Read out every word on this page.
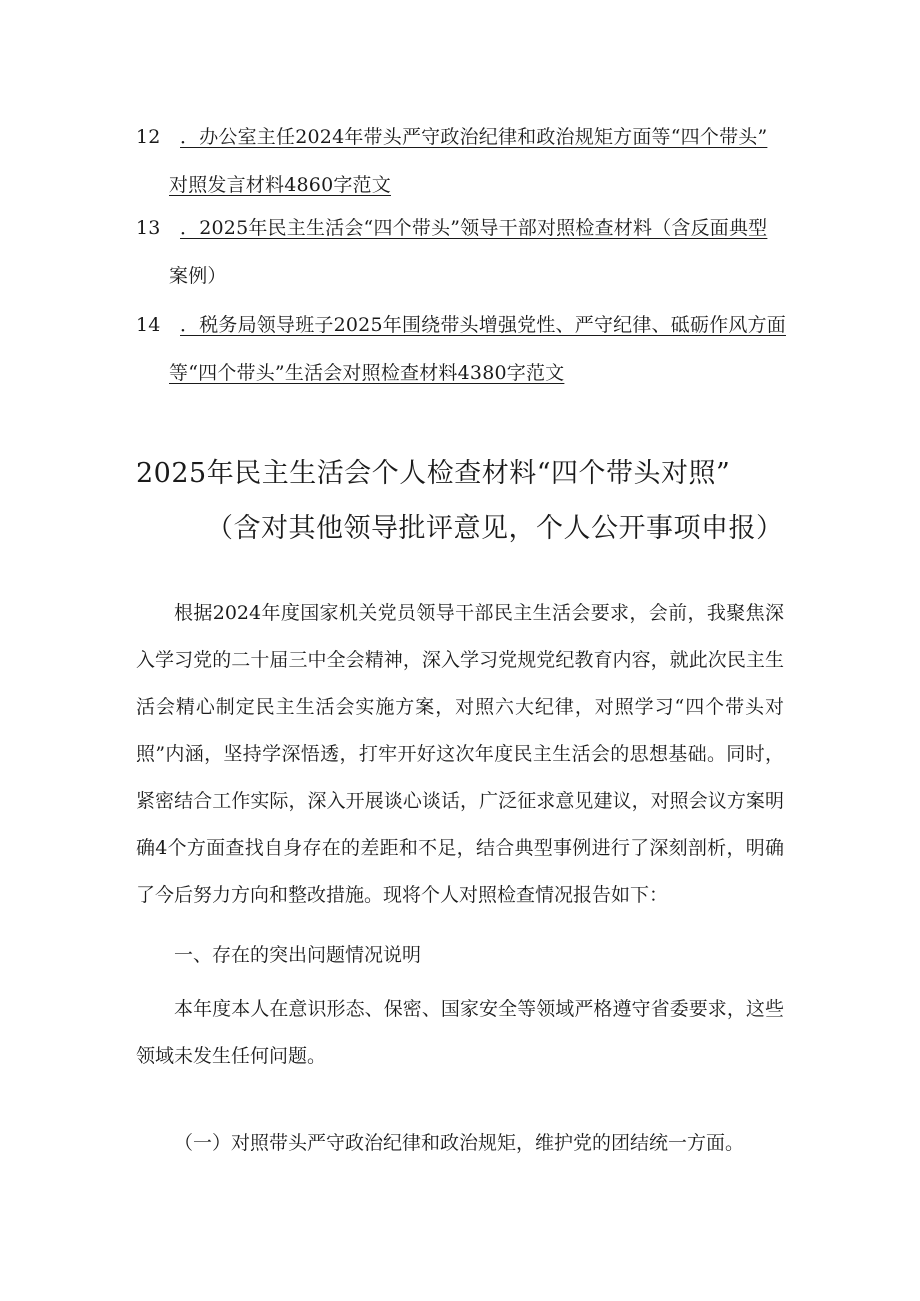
12 ．办公室主任2024年带头严守政治纪律和政治规矩方面等“四个带头”
对照发言材料4860字范文
13 ．2025年民主生活会“四个带头”领导干部对照检查材料（含反面典型
案例）
14 ．税务局领导班子2025年围绕带头增强党性、严守纪律、砥砺作风方面
等“四个带头”生活会对照检查材料4380字范文
2025年民主生活会个人检查材料“四个带头对照”
（含对其他领导批评意见，个人公开事项申报）
根据2024年度国家机关党员领导干部民主生活会要求，会前，我聚焦深入学习党的二十届三中全会精神，深入学习党规党纪教育内容，就此次民主生活会精心制定民主生活会实施方案，对照六大纪律，对照学习“四个带头对照”内涵，坚持学深悟透，打牢开好这次年度民主生活会的思想基础。同时，紧密结合工作实际，深入开展谈心谈话，广泛征求意见建议，对照会议方案明确4个方面查找自身存在的差距和不足，结合典型事例进行了深刻剖析，明确了今后努力方向和整改措施。现将个人对照检查情况报告如下：
一、存在的突出问题情况说明
本年度本人在意识形态、保密、国家安全等领域严格遵守省委要求，这些领域未发生任何问题。
（一）对照带头严守政治纪律和政治规矩，维护党的团结统一方面。
